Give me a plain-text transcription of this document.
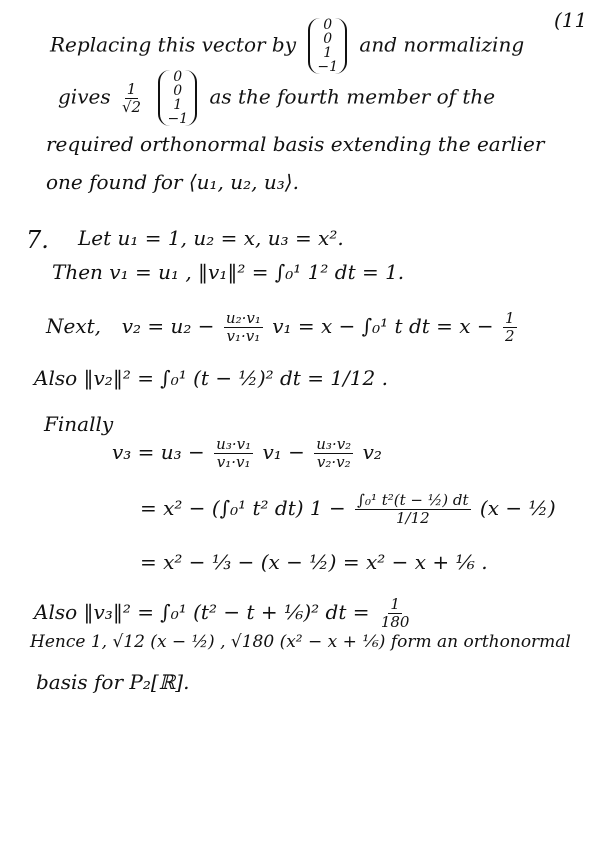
(11
Replacing this vector by
0
0
1
−1
and normalizing
gives $\frac{1}{√2}$

0
0
1
−1
as the fourth member of the
required orthonormal basis extending the earlier
one found for ⟨u₁, u₂, u₃⟩.
7. Let u₁ = 1, u₂ = x, u₃ = x².
Then v₁ = u₁ , ‖v₁‖² = ∫₀¹ 1² dt = 1.
Next, $v_2 = u_2 - \frac{\text{u₂·v₁}}{\text{v₁·v₁}} v_1 = x - \int_0^1$ t dt = $x - \frac{1}{2}$
Also ‖v₂‖² = ∫₀¹ (t − ½)² dt = 1/12 .
Finally
$v_3 = u_3 - \frac{\text{u₃·v₁}}{\text{v₁·v₁}} v_1 - \frac{\text{u₃·v₂}}{\text{v₂·v₂}} v_2$
= x² − (∫₀¹ t² dt) $1 - \frac{\text{∫₀¹ t²(t − ½) dt}}{1/12} (x$ − ½)
= x² − ⅓ − (x − ½) = x² − x + ⅙ .
Also ‖v₃‖² = ∫₀¹ (t² − t + ⅙)² dt = $\frac{1}{180}$
Hence 1, √12 (x − ½) , √180 (x² − x + ⅙) form an orthonormal
basis for P₂[ℝ].
